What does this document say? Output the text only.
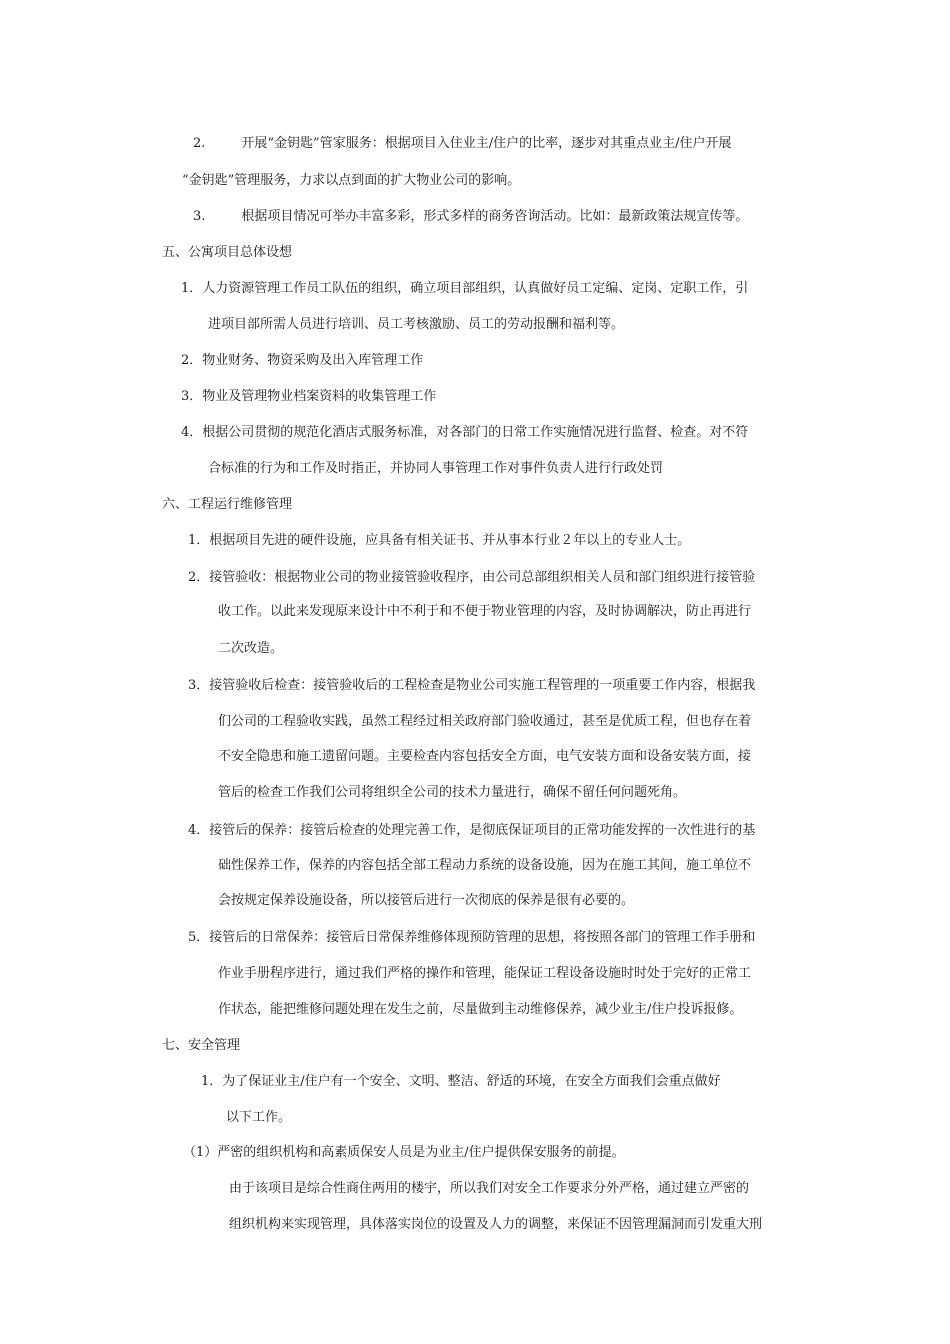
2.	开展“金钥匙”管家服务：根据项目入住业主/住户的比率，逐步对其重点业主/住户开展
“金钥匙”管理服务，力求以点到面的扩大物业公司的影响。
3.	根据项目情况可举办丰富多彩，形式多样的商务咨询活动。比如：最新政策法规宣传等。
五、公寓项目总体设想
1．人力资源管理工作员工队伍的组织，确立项目部组织，认真做好员工定编、定岗、定职工作，引
进项目部所需人员进行培训、员工考核激励、员工的劳动报酬和福利等。
2．物业财务、物资采购及出入库管理工作
3．物业及管理物业档案资料的收集管理工作
4．根据公司贯彻的规范化酒店式服务标准，对各部门的日常工作实施情况进行监督、检查。对不符
合标准的行为和工作及时指正，并协同人事管理工作对事件负责人进行行政处罚
六、工程运行维修管理
1．根据项目先进的硬件设施，应具备有相关证书、并从事本行业２年以上的专业人士。
2．接管验收：根据物业公司的物业接管验收程序，由公司总部组织相关人员和部门组织进行接管验
收工作。以此来发现原来设计中不利于和不便于物业管理的内容，及时协调解决，防止再进行
二次改造。
3．接管验收后检查：接管验收后的工程检查是物业公司实施工程管理的一项重要工作内容，根据我
们公司的工程验收实践，虽然工程经过相关政府部门验收通过，甚至是优质工程，但也存在着
不安全隐患和施工遗留问题。主要检查内容包括安全方面，电气安装方面和设备安装方面，接
管后的检查工作我们公司将组织全公司的技术力量进行，确保不留任何问题死角。
4．接管后的保养：接管后检查的处理完善工作，是彻底保证项目的正常功能发挥的一次性进行的基
础性保养工作，保养的内容包括全部工程动力系统的设备设施，因为在施工其间，施工单位不
会按规定保养设施设备，所以接管后进行一次彻底的保养是很有必要的。
5．接管后的日常保养：接管后日常保养维修体现预防管理的思想，将按照各部门的管理工作手册和
作业手册程序进行，通过我们严格的操作和管理，能保证工程设备设施时时处于完好的正常工
作状态，能把维修问题处理在发生之前，尽量做到主动维修保养，减少业主/住户投诉报修。
七、安全管理
1．为了保证业主/住户有一个安全、文明、整洁、舒适的环境，在安全方面我们会重点做好
以下工作。
（1）严密的组织机构和高素质保安人员是为业主/住户提供保安服务的前提。
由于该项目是综合性商住两用的楼宇，所以我们对安全工作要求分外严格，通过建立严密的
组织机构来实现管理，具体落实岗位的设置及人力的调整，来保证不因管理漏洞而引发重大刑
